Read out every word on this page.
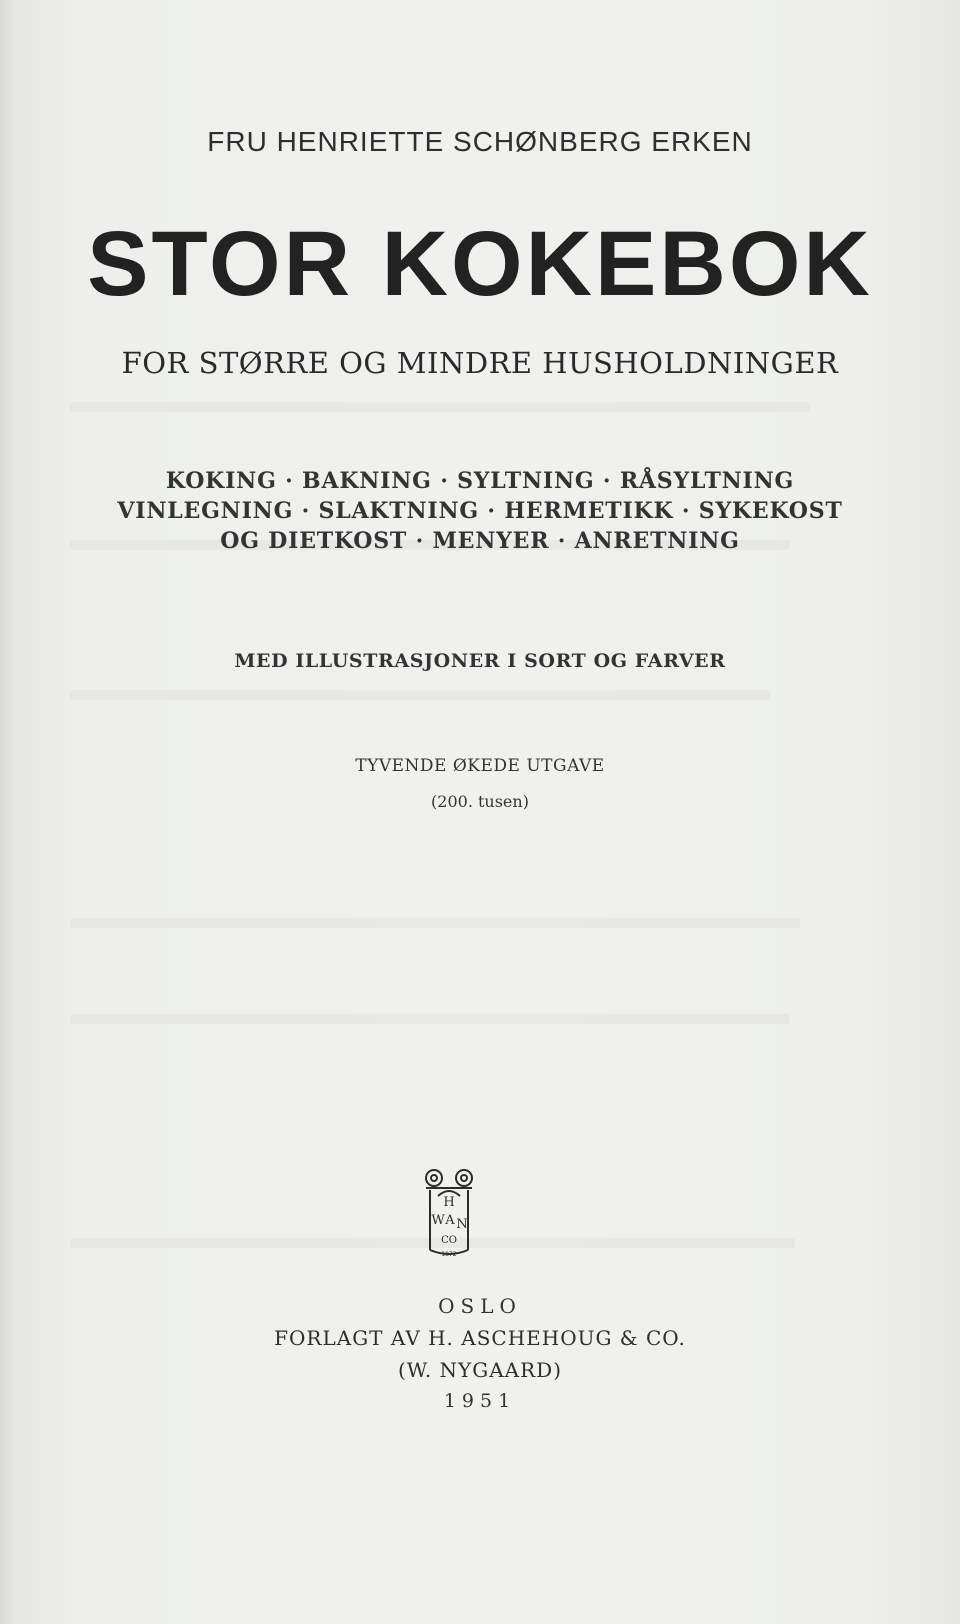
FRU HENRIETTE SCHØNBERG ERKEN
STOR KOKEBOK
FOR STØRRE OG MINDRE HUSHOLDNINGER
KOKING · BAKNING · SYLTNING · RÅSYLTNING
VINLEGNING · SLAKTNING · HERMETIKK · SYKEKOST
OG DIETKOST · MENYER · ANRETNING
MED ILLUSTRASJONER I SORT OG FARVER
TYVENDE ØKEDE UTGAVE
(200. tusen)
H
W A N
CO
1872
OSLO
FORLAGT AV H. ASCHEHOUG & CO.
(W. NYGAARD)
1951
